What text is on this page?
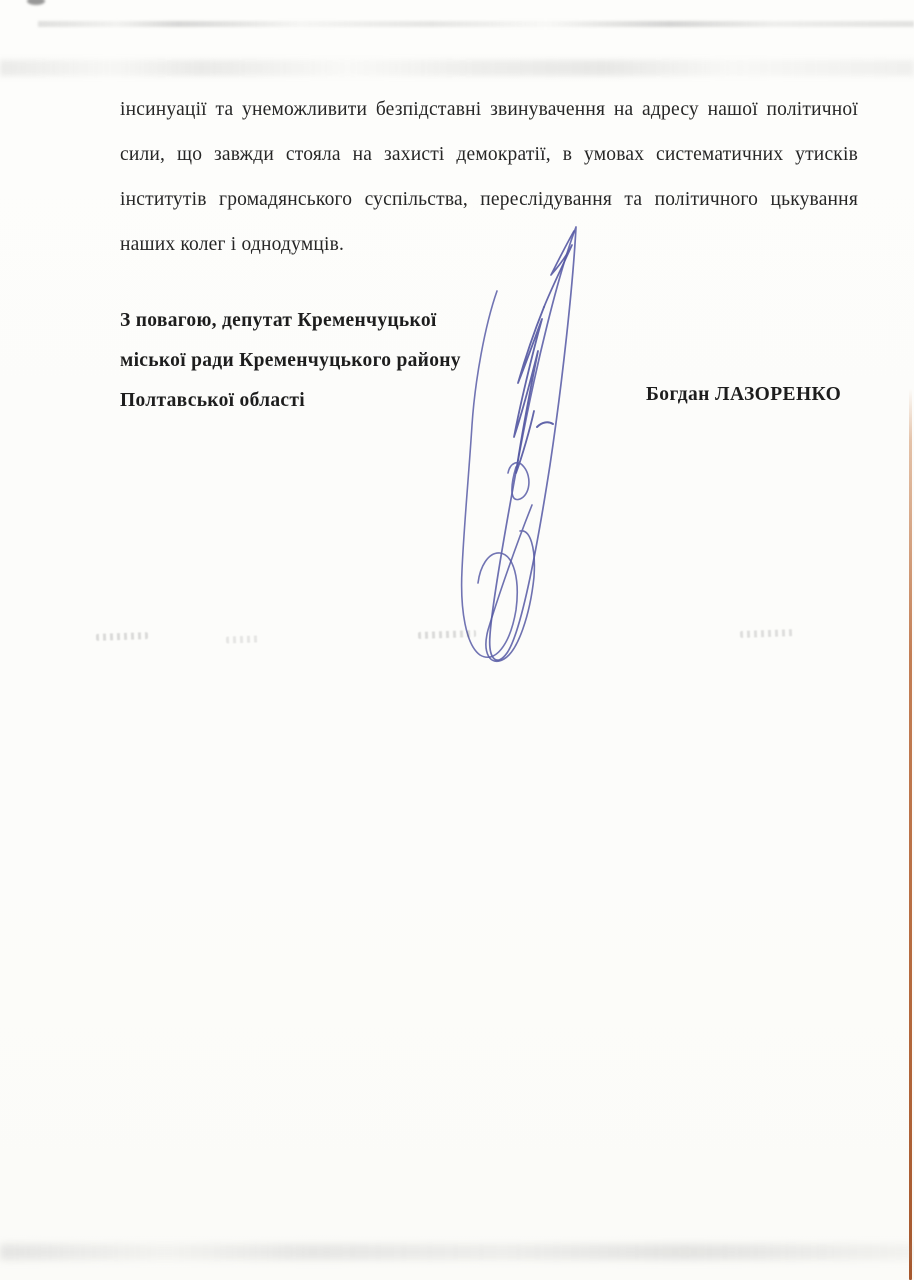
інсинуації та унеможливити безпідставні звинувачення на адресу нашої політичної сили, що завжди стояла на захисті демократії, в умовах систематичних утисків інститутів громадянського суспільства, переслідування та політичного цькування наших колег і однодумців.
З повагою, депутат Кременчуцької
міської ради Кременчуцького району
Полтавської області	Богдан ЛАЗОРЕНКО
